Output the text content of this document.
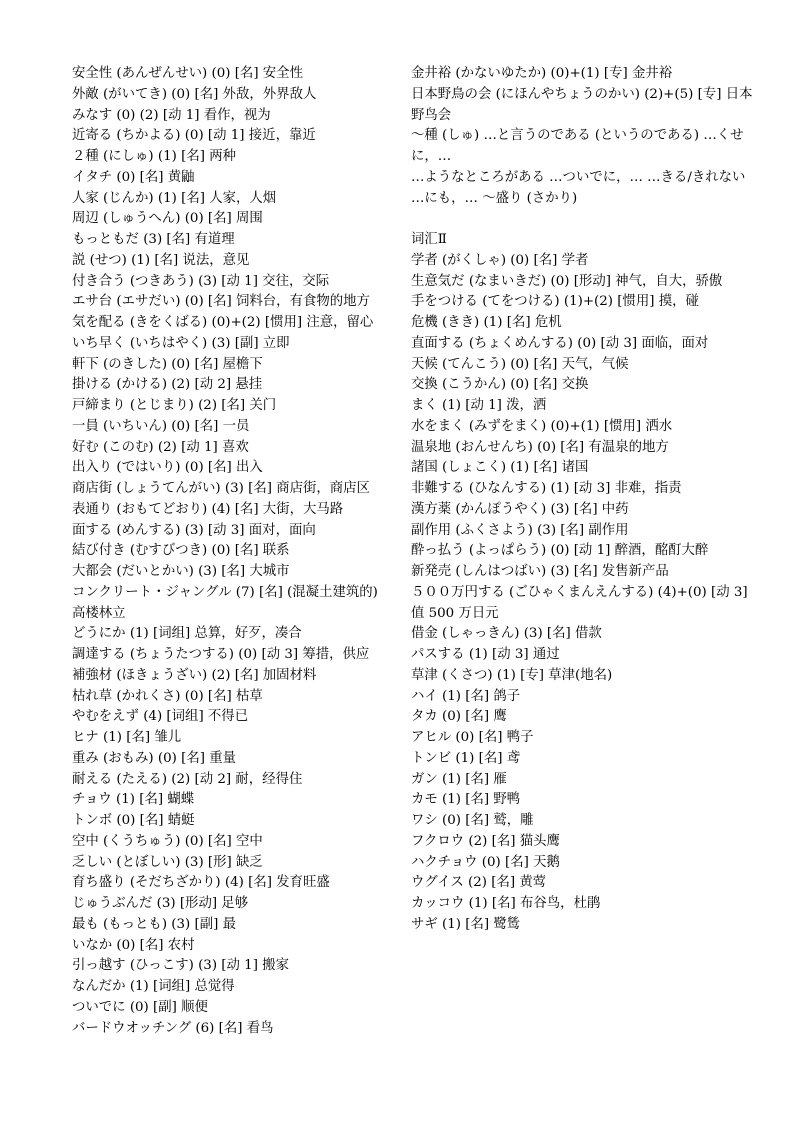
安全性 (あんぜんせい) (0) [名] 安全性
外敵 (がいてき) (0) [名] 外敌，外界敌人
みなす (0) (2) [动 1] 看作，视为
近寄る (ちかよる) (0) [动 1] 接近，靠近
２種 (にしゅ) (1) [名] 两种
イタチ (0) [名] 黄鼬
人家 (じんか) (1) [名] 人家，人烟
周辺 (しゅうへん) (0) [名] 周围
もっともだ (3) [名] 有道理
説 (せつ) (1) [名] 说法，意见
付き合う (つきあう) (3) [动 1] 交往，交际
エサ台 (エサだい) (0) [名] 饲料台，有食物的地方
気を配る (きをくばる) (0)+(2) [惯用] 注意，留心
いち早く (いちはやく) (3) [副] 立即
軒下 (のきした) (0) [名] 屋檐下
掛ける (かける) (2) [动 2] 悬挂
戸締まり (とじまり) (2) [名] 关门
一員 (いちいん) (0) [名] 一员
好む (このむ) (2) [动 1] 喜欢
出入り (ではいり) (0) [名] 出入
商店街 (しょうてんがい) (3) [名] 商店街，商店区
表通り (おもてどおり) (4) [名] 大街，大马路
面する (めんする) (3) [动 3] 面对，面向
結び付き (むすびつき) (0) [名] 联系
大都会 (だいとかい) (3) [名] 大城市
コンクリート・ジャングル (7) [名] (混凝土建筑的)
高楼林立
どうにか (1) [词组] 总算，好歹，凑合
調達する (ちょうたつする) (0) [动 3] 筹措，供应
補強材 (ほきょうざい) (2) [名] 加固材料
枯れ草 (かれくさ) (0) [名] 枯草
やむをえず (4) [词组] 不得已
ヒナ (1) [名] 雏儿
重み (おもみ) (0) [名] 重量
耐える (たえる) (2) [动 2] 耐，经得住
チョウ (1) [名] 蝴蝶
トンボ (0) [名] 蜻蜓
空中 (くうちゅう) (0) [名] 空中
乏しい (とぼしい) (3) [形] 缺乏
育ち盛り (そだちざかり) (4) [名] 发育旺盛
じゅうぶんだ (3) [形动] 足够
最も (もっとも) (3) [副] 最
いなか (0) [名] 农村
引っ越す (ひっこす) (3) [动 1] 搬家
なんだか (1) [词组] 总觉得
ついでに (0) [副] 顺便
バードウオッチング (6) [名] 看鸟
金井裕 (かないゆたか) (0)+(1) [专] 金井裕
日本野鳥の会 (にほんやちょうのかい) (2)+(5) [专] 日本野鸟会
～種 (しゅ) …と言うのである (というのである) …くせに，…
…ようなところがある …ついでに，… …きる/きれない
…にも，… ～盛り (さかり)
词汇Ⅱ
学者 (がくしゃ) (0) [名] 学者
生意気だ (なまいきだ) (0) [形动] 神气，自大，骄傲
手をつける (てをつける) (1)+(2) [惯用] 摸，碰
危機 (きき) (1) [名] 危机
直面する (ちょくめんする) (0) [动 3] 面临，面对
天候 (てんこう) (0) [名] 天气，气候
交換 (こうかん) (0) [名] 交换
まく (1) [动 1] 泼，洒
水をまく (みずをまく) (0)+(1) [惯用] 洒水
温泉地 (おんせんち) (0) [名] 有温泉的地方
諸国 (しょこく) (1) [名] 诸国
非難する (ひなんする) (1) [动 3] 非难，指责
漢方薬 (かんぽうやく) (3) [名] 中药
副作用 (ふくさよう) (3) [名] 副作用
酔っ払う (よっぱらう) (0) [动 1] 醉酒，酩酊大醉
新発売 (しんはつばい) (3) [名] 发售新产品
５００万円する (ごひゃくまんえんする) (4)+(0) [动 3] 值 500 万日元
借金 (しゃっきん) (3) [名] 借款
パスする (1) [动 3] 通过
草津 (くさつ) (1) [专] 草津(地名)
ハイ (1) [名] 鸽子
タカ (0) [名] 鹰
アヒル (0) [名] 鸭子
トンビ (1) [名] 鸢
ガン (1) [名] 雁
カモ (1) [名] 野鸭
ワシ (0) [名] 鹫，雕
フクロウ (2) [名] 猫头鹰
ハクチョウ (0) [名] 天鹅
ウグイス (2) [名] 黄莺
カッコウ (1) [名] 布谷鸟，杜鹃
サギ (1) [名] 鹭鸶
